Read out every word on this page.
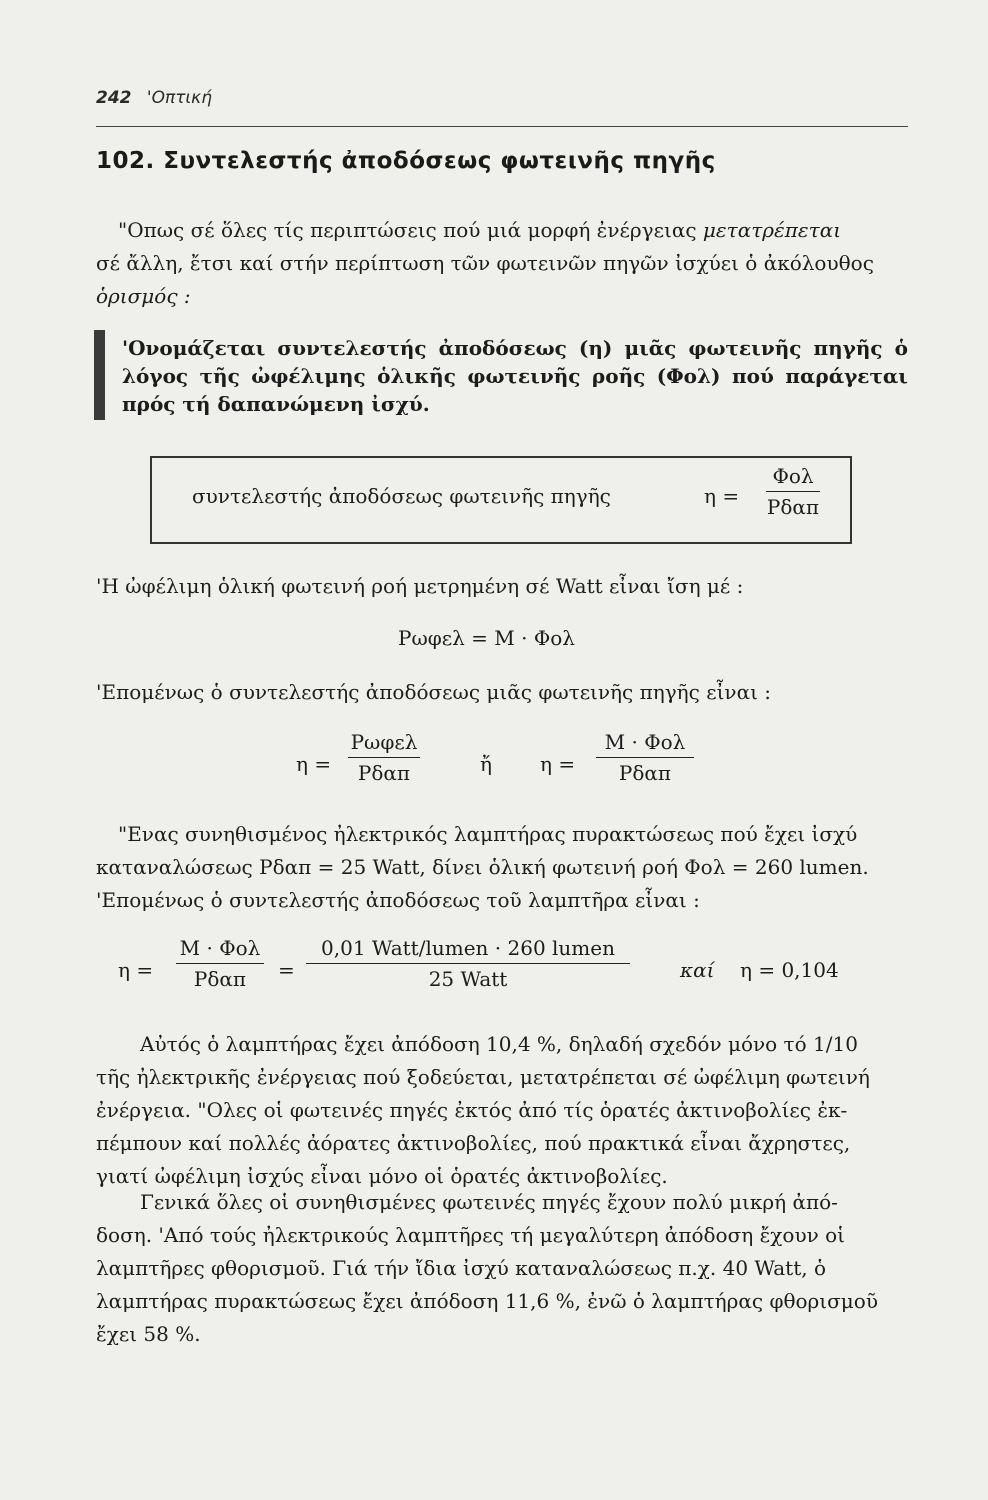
242 'Οπτική
102. Συντελεστής ἀποδόσεως φωτεινῆς πηγῆς
"Οπως σέ ὅλες τίς περιπτώσεις πού μιά μορφή ἐνέργειας μετατρέπεται
σέ ἄλλη, ἔτσι καί στήν περίπτωση τῶν φωτεινῶν πηγῶν ἰσχύει ὁ ἀκόλουθος
ὁρισμός :
'Ονομάζεται συντελεστής ἀποδόσεως (η) μιᾶς φωτεινῆς πηγῆς ὁ λόγος τῆς ὠφέλιμης ὁλικῆς φωτεινῆς ροῆς (Φολ) πού παράγεται πρός τή δαπανώμενη ἰσχύ.
συντελεστής ἀποδόσεως φωτεινῆς πηγῆς	η =
Φολ
Pδαπ
'Η ὠφέλιμη ὁλική φωτεινή ροή μετρημένη σέ Watt εἶναι ἴση μέ :
Pωφελ = M · Φολ
'Επομένως ὁ συντελεστής ἀποδόσεως μιᾶς φωτεινῆς πηγῆς εἶναι :
η =
Pωφελ
Pδαπ	ἤ η =
M · Φολ
Pδαπ
"Ενας συνηθισμένος ἠλεκτρικός λαμπτήρας πυρακτώσεως πού ἔχει ἰσχύ
καταναλώσεως Pδαπ = 25 Watt, δίνει ὁλική φωτεινή ροή Φολ = 260 lumen.
'Επομένως ὁ συντελεστής ἀποδόσεως τοῦ λαμπτῆρα εἶναι :
η =
M · Φολ
Pδαπ	=
0,01 Watt/lumen · 260 lumen
25 Watt	καί η = 0,104
Αὐτός ὁ λαμπτήρας ἔχει ἀπόδοση 10,4 %, δηλαδή σχεδόν μόνο τό 1/10
τῆς ἠλεκτρικῆς ἐνέργειας πού ξοδεύεται, μετατρέπεται σέ ὠφέλιμη φωτεινή
ἐνέργεια. "Ολες οἱ φωτεινές πηγές ἐκτός ἀπό τίς ὁρατές ἀκτινοβολίες ἐκ-
πέμπουν καί πολλές ἀόρατες ἀκτινοβολίες, πού πρακτικά εἶναι ἄχρηστες,
γιατί ὠφέλιμη ἰσχύς εἶναι μόνο οἱ ὁρατές ἀκτινοβολίες.
Γενικά ὅλες οἱ συνηθισμένες φωτεινές πηγές ἔχουν πολύ μικρή ἀπό-
δοση. 'Από τούς ἠλεκτρικούς λαμπτῆρες τή μεγαλύτερη ἀπόδοση ἔχουν οἱ
λαμπτῆρες φθορισμοῦ. Γιά τήν ἴδια ἰσχύ καταναλώσεως π.χ. 40 Watt, ὁ
λαμπτήρας πυρακτώσεως ἔχει ἀπόδοση 11,6 %, ἐνῶ ὁ λαμπτήρας φθορισμοῦ
ἔχει 58 %.
